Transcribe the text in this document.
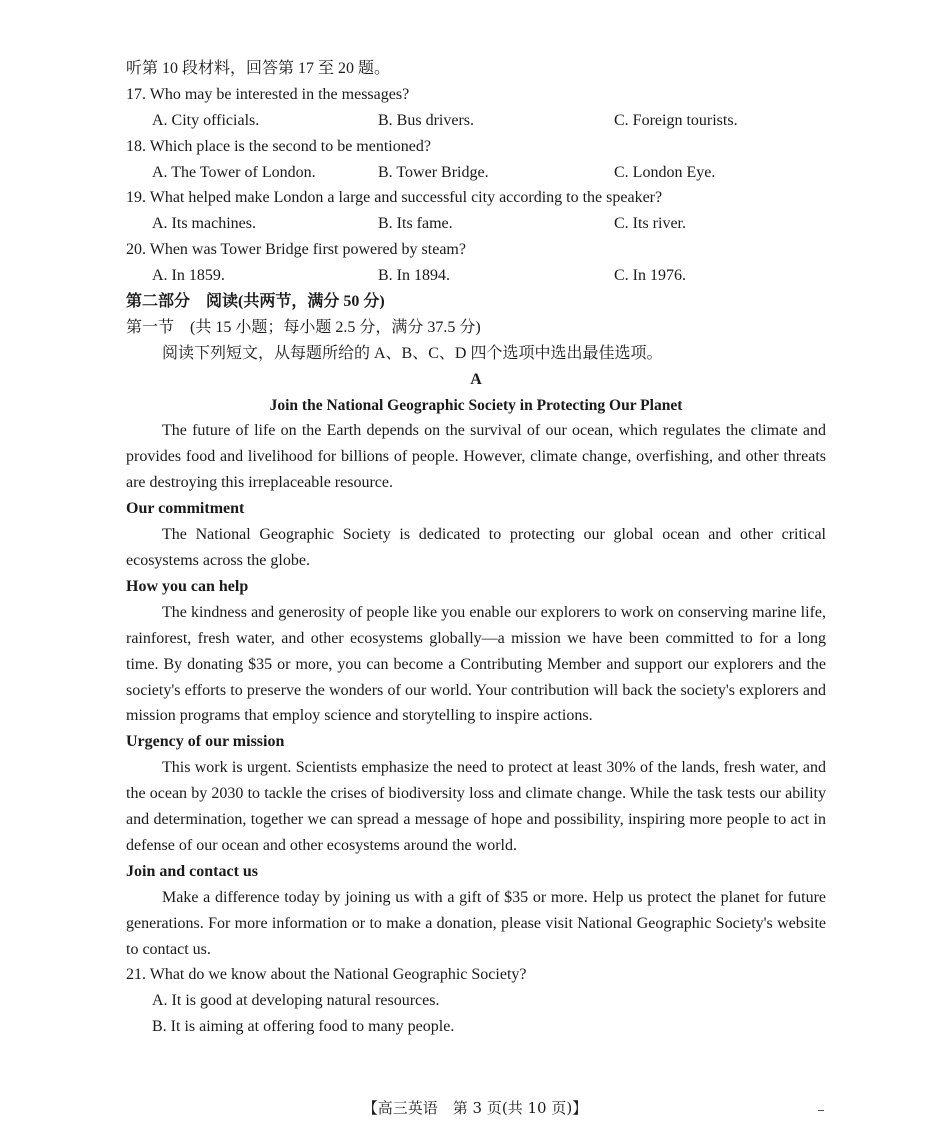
听第 10 段材料，回答第 17 至 20 题。
17. Who may be interested in the messages?
A. City officials.	B. Bus drivers.	C. Foreign tourists.
18. Which place is the second to be mentioned?
A. The Tower of London.	B. Tower Bridge.	C. London Eye.
19. What helped make London a large and successful city according to the speaker?
A. Its machines.	B. Its fame.	C. Its river.
20. When was Tower Bridge first powered by steam?
A. In 1859.	B. In 1894.	C. In 1976.
第二部分　阅读(共两节，满分 50 分)
第一节　(共 15 小题；每小题 2.5 分，满分 37.5 分)
阅读下列短文，从每题所给的 A、B、C、D 四个选项中选出最佳选项。
A
Join the National Geographic Society in Protecting Our Planet

The future of life on the Earth depends on the survival of our ocean, which regulates the climate and provides food and livelihood for billions of people. However, climate change, overfishing, and other threats are destroying this irreplaceable resource.

Our commitment

The National Geographic Society is dedicated to protecting our global ocean and other critical ecosystems across the globe.

How you can help

The kindness and generosity of people like you enable our explorers to work on conserving marine life, rainforest, fresh water, and other ecosystems globally—a mission we have been committed to for a long time. By donating $35 or more, you can become a Contributing Member and support our explorers and the society's efforts to preserve the wonders of our world. Your contribution will back the society's explorers and mission programs that employ science and storytelling to inspire actions.

Urgency of our mission

This work is urgent. Scientists emphasize the need to protect at least 30% of the lands, fresh water, and the ocean by 2030 to tackle the crises of biodiversity loss and climate change. While the task tests our ability and determination, together we can spread a message of hope and possibility, inspiring more people to act in defense of our ocean and other ecosystems around the world.

Join and contact us

Make a difference today by joining us with a gift of $35 or more. Help us protect the planet for future generations. For more information or to make a donation, please visit National Geographic Society's website to contact us.

21. What do we know about the National Geographic Society?
A. It is good at developing natural resources.
B. It is aiming at offering food to many people.
【高三英语　第 3 页(共 10 页)】
